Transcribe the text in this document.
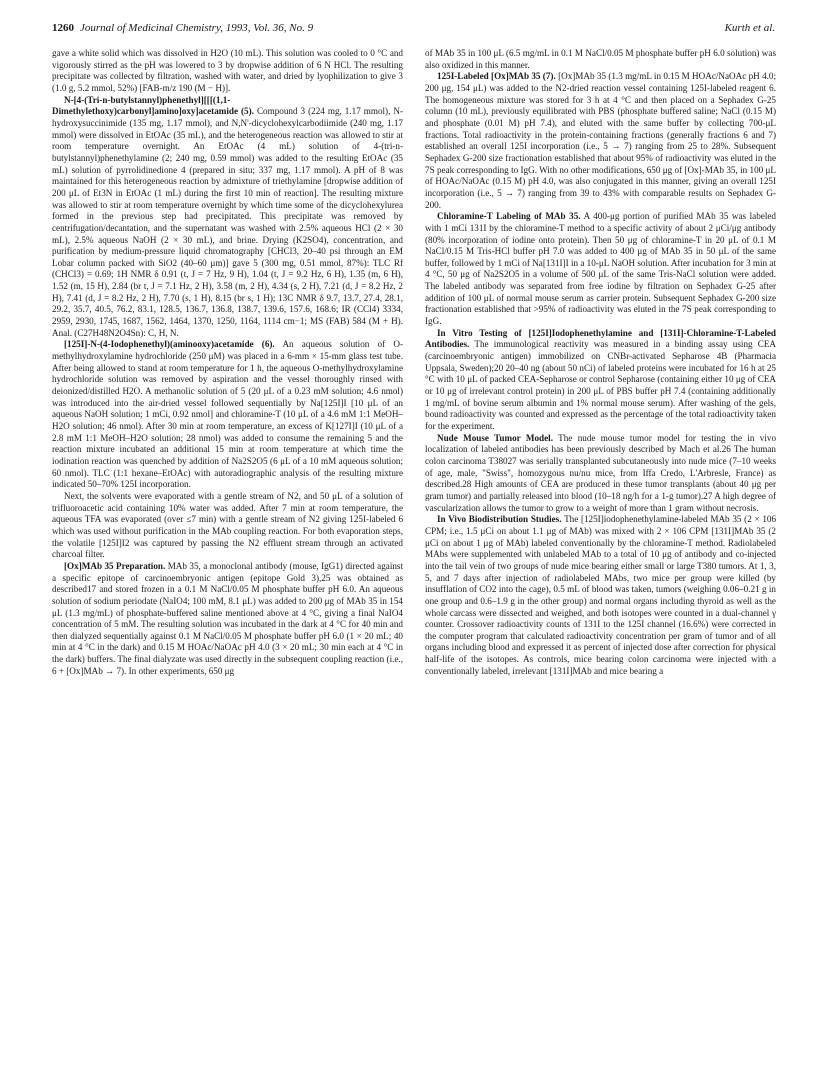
1260 Journal of Medicinal Chemistry, 1993, Vol. 36, No. 9	Kurth et al.

gave a white solid which was dissolved in H2O (10 mL). This solution was cooled to 0 °C and vigorously stirred as the pH was lowered to 3 by dropwise addition of 6 N HCl. The resulting precipitate was collected by filtration, washed with water, and dried by lyophilization to give 3 (1.0 g, 5.2 mmol, 52%) [FAB-m/z 190 (M − H)].

N-[4-(Tri-n-butylstannyl)phenethyl][[[(1,1-Dimethylethoxy)carbonyl]amino]oxy]acetamide (5). Compound 3 (224 mg, 1.17 mmol), N-hydroxysuccinimide (135 mg, 1.17 mmol), and N,N'-dicyclohexylcarbodiimide (240 mg, 1.17 mmol) were dissolved in EtOAc (35 mL), and the heterogeneous reaction was allowed to stir at room temperature overnight. An EtOAc (4 mL) solution of 4-(tri-n-butylstannyl)phenethylamine (2; 240 mg, 0.59 mmol) was added to the resulting EtOAc (35 mL) solution of pyrrolidinedione 4 (prepared in situ; 337 mg, 1.17 mmol). A pH of 8 was maintained for this heterogeneous reaction by admixture of triethylamine [dropwise addition of 200 μL of Et3N in EtOAc (1 mL) during the first 10 min of reaction]. The resulting mixture was allowed to stir at room temperature overnight by which time some of the dicyclohexylurea formed in the previous step had precipitated. This precipitate was removed by centrifugation/decantation, and the supernatant was washed with 2.5% aqueous HCl (2 × 30 mL), 2.5% aqueous NaOH (2 × 30 mL), and brine. Drying (K2SO4), concentration, and purification by medium-pressure liquid chromatography [CHCl3, 20–40 psi through an EM Lobar column packed with SiO2 (40–60 μm)] gave 5 (300 mg, 0.51 mmol, 87%): TLC Rf (CHCl3) = 0.69; 1H NMR δ 0.91 (t, J = 7 Hz, 9 H), 1.04 (t, J = 9.2 Hz, 6 H), 1.35 (m, 6 H), 1.52 (m, 15 H), 2.84 (br t, J = 7.1 Hz, 2 H), 3.58 (m, 2 H), 4.34 (s, 2 H), 7.21 (d, J = 8.2 Hz, 2 H), 7.41 (d, J = 8.2 Hz, 2 H), 7.70 (s, 1 H), 8.15 (br s, 1 H); 13C NMR δ 9.7, 13.7, 27.4, 28.1, 29.2, 35.7, 40.5, 76.2, 83.1, 128.5, 136.7, 136.8, 138.7, 139.6, 157.6, 168.6; IR (CCl4) 3334, 2959, 2930, 1745, 1687, 1562, 1464, 1370, 1250, 1164, 1114 cm−1; MS (FAB) 584 (M + H). Anal. (C27H48N2O4Sn): C, H, N.

[125I]-N-(4-Iodophenethyl)(aminooxy)acetamide (6). An aqueous solution of O-methylhydroxylamine hydrochloride (250 μM) was placed in a 6-mm × 15-mm glass test tube. After being allowed to stand at room temperature for 1 h, the aqueous O-methylhydroxylamine hydrochloride solution was removed by aspiration and the vessel thoroughly rinsed with deionized/distilled H2O. A methanolic solution of 5 (20 μL of a 0.23 mM solution; 4.6 nmol) was introduced into the air-dried vessel followed sequentially by Na[125I]I [10 μL of an aqueous NaOH solution; 1 mCi, 0.92 nmol] and chloramine-T (10 μL of a 4.6 mM 1:1 MeOH–H2O solution; 46 nmol). After 30 min at room temperature, an excess of K[127I]I (10 μL of a 2.8 mM 1:1 MeOH–H2O solution; 28 nmol) was added to consume the remaining 5 and the reaction mixture incubated an additional 15 min at room temperature at which time the iodination reaction was quenched by addition of Na2S2O5 (6 μL of a 10 mM aqueous solution; 60 nmol). TLC (1:1 hexane–EtOAc) with autoradiographic analysis of the resulting mixture indicated 50–70% 125I incorporation.

Next, the solvents were evaporated with a gentle stream of N2, and 50 μL of a solution of trifluoroacetic acid containing 10% water was added. After 7 min at room temperature, the aqueous TFA was evaporated (over ≤7 min) with a gentle stream of N2 giving 125I-labeled 6 which was used without purification in the MAb coupling reaction. For both evaporation steps, the volatile [125I]I2 was captured by passing the N2 effluent stream through an activated charcoal filter.

[Ox]MAb 35 Preparation. MAb 35, a monoclonal antibody (mouse, IgG1) directed against a specific epitope of carcinoembryonic antigen (epitope Gold 3),25 was obtained as described17 and stored frozen in a 0.1 M NaCl/0.05 M phosphate buffer pH 6.0. An aqueous solution of sodium periodate (NaIO4; 100 mM, 8.1 μL) was added to 200 μg of MAb 35 in 154 μL (1.3 mg/mL) of phosphate-buffered saline mentioned above at 4 °C, giving a final NaIO4 concentration of 5 mM. The resulting solution was incubated in the dark at 4 °C for 40 min and then dialyzed sequentially against 0.1 M NaCl/0.05 M phosphate buffer pH 6.0 (1 × 20 mL; 40 min at 4 °C in the dark) and 0.15 M HOAc/NaOAc pH 4.0 (3 × 20 mL; 30 min each at 4 °C in the dark) buffers. The final dialyzate was used directly in the subsequent coupling reaction (i.e., 6 + [Ox]MAb → 7). In other experiments, 650 μg

of MAb 35 in 100 μL (6.5 mg/mL in 0.1 M NaCl/0.05 M phosphate buffer pH 6.0 solution) was also oxidized in this manner.

125I-Labeled [Ox]MAb 35 (7). [Ox]MAb 35 (1.3 mg/mL in 0.15 M HOAc/NaOAc pH 4.0; 200 μg, 154 μL) was added to the N2-dried reaction vessel containing 125I-labeled reagent 6. The homogeneous mixture was stored for 3 h at 4 °C and then placed on a Sephadex G-25 column (10 mL), previously equilibrated with PBS (phosphate buffered saline; NaCl (0.15 M) and phosphate (0.01 M) pH 7.4), and eluted with the same buffer by collecting 700-μL fractions. Total radioactivity in the protein-containing fractions (generally fractions 6 and 7) established an overall 125I incorporation (i.e., 5 → 7) ranging from 25 to 28%. Subsequent Sephadex G-200 size fractionation established that about 95% of radioactivity was eluted in the 7S peak corresponding to IgG. With no other modifications, 650 μg of [Ox]-MAb 35, in 100 μL of HOAc/NaOAc (0.15 M) pH 4.0, was also conjugated in this manner, giving an overall 125I incorporation (i.e., 5 → 7) ranging from 39 to 43% with comparable results on Sephadex G-200.

Chloramine-T Labeling of MAb 35. A 400-μg portion of purified MAb 35 was labeled with 1 mCi 131I by the chloramine-T method to a specific activity of about 2 μCi/μg antibody (80% incorporation of iodine onto protein). Then 50 μg of chloramine-T in 20 μL of 0.1 M NaCl/0.15 M Tris-HCl buffer pH 7.0 was added to 400 μg of MAb 35 in 50 μL of the same buffer, followed by 1 mCi of Na[131I]I in a 10-μL NaOH solution. After incubation for 3 min at 4 °C, 50 μg of Na2S2O5 in a volume of 500 μL of the same Tris-NaCl solution were added. The labeled antibody was separated from free iodine by filtration on Sephadex G-25 after addition of 100 μL of normal mouse serum as carrier protein. Subsequent Sephadex G-200 size fractionation established that >95% of radioactivity was eluted in the 7S peak corresponding to IgG.

In Vitro Testing of [125I]Iodophenethylamine and [131I]-Chloramine-T-Labeled Antibodies. The immunological reactivity was measured in a binding assay using CEA (carcinoembryonic antigen) immobilized on CNBr-activated Sepharose 4B (Pharmacia Uppsala, Sweden);20 20–40 ng (about 50 nCi) of labeled proteins were incubated for 16 h at 25 °C with 10 μL of packed CEA-Sepharose or control Sepharose (containing either 10 μg of CEA or 10 μg of irrelevant control protein) in 200 μL of PBS buffer pH 7.4 (containing additionally 1 mg/mL of bovine serum albumin and 1% normal mouse serum). After washing of the gels, bound radioactivity was counted and expressed as the percentage of the total radioactivity taken for the experiment.

Nude Mouse Tumor Model. The nude mouse tumor model for testing the in vivo localization of labeled antibodies has been previously described by Mach et al.26 The human colon carcinoma T38027 was serially transplanted subcutaneously into nude mice (7–10 weeks of age, male, "Swiss", homozygous nu/nu mice, from Iffa Credo, L'Arbresle, France) as described.28 High amounts of CEA are produced in these tumor transplants (about 40 μg per gram tumor) and partially released into blood (10–18 ng/h for a 1-g tumor).27 A high degree of vascularization allows the tumor to grow to a weight of more than 1 gram without necrosis.

In Vivo Biodistribution Studies. The [125I]iodophenethylamine-labeled MAb 35 (2 × 106 CPM; i.e., 1.5 μCi on about 1.1 μg of MAb) was mixed with 2 × 106 CPM [131I]MAb 35 (2 μCi on about 1 μg of MAb) labeled conventionally by the chloramine-T method. Radiolabeled MAbs were supplemented with unlabeled MAb to a total of 10 μg of antibody and co-injected into the tail vein of two groups of nude mice bearing either small or large T380 tumors. At 1, 3, 5, and 7 days after injection of radiolabeled MAbs, two mice per group were killed (by insufflation of CO2 into the cage), 0.5 mL of blood was taken, tumors (weighing 0.06–0.21 g in one group and 0.6–1.9 g in the other group) and normal organs including thyroid as well as the whole carcass were dissected and weighed, and both isotopes were counted in a dual-channel γ counter. Crossover radioactivity counts of 131I to the 125I channel (16.6%) were corrected in the computer program that calculated radioactivity concentration per gram of tumor and of all organs including blood and expressed it as percent of injected dose after correction for physical half-life of the isotopes. As controls, mice bearing colon carcinoma were injected with a conventionally labeled, irrelevant [131I]MAb and mice bearing a
